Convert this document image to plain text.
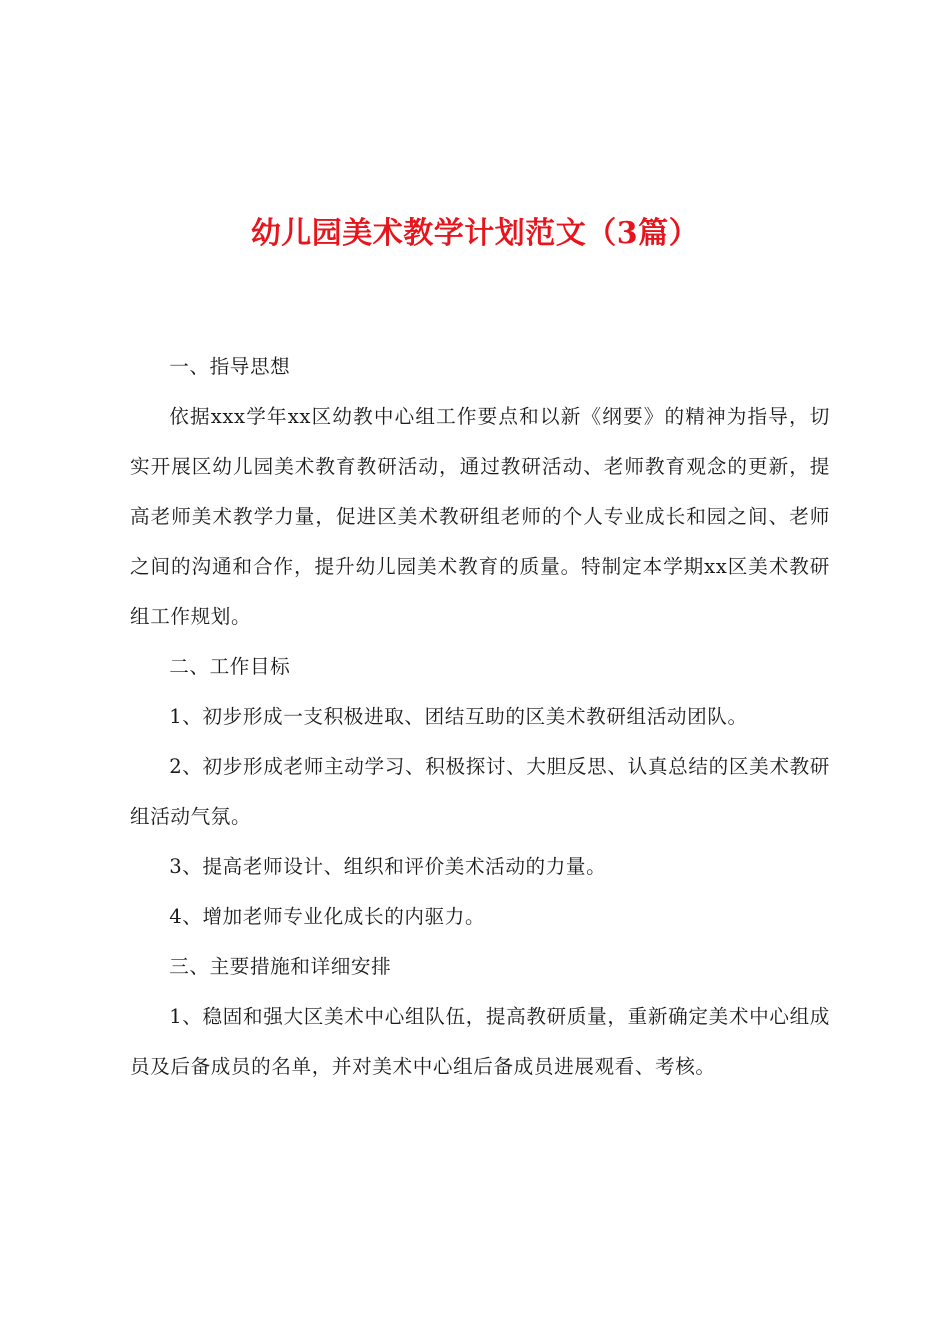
幼儿园美术教学计划范文（3篇）

一、指导思想

依据xxx学年xx区幼教中心组工作要点和以新《纲要》的精神为指导，切实开展区幼儿园美术教育教研活动，通过教研活动、老师教育观念的更新，提高老师美术教学力量，促进区美术教研组老师的个人专业成长和园之间、老师之间的沟通和合作，提升幼儿园美术教育的质量。特制定本学期xx区美术教研组工作规划。

二、工作目标

1、初步形成一支积极进取、团结互助的区美术教研组活动团队。

2、初步形成老师主动学习、积极探讨、大胆反思、认真总结的区美术教研组活动气氛。

3、提高老师设计、组织和评价美术活动的力量。

4、增加老师专业化成长的内驱力。

三、主要措施和详细安排

1、稳固和强大区美术中心组队伍，提高教研质量，重新确定美术中心组成员及后备成员的名单，并对美术中心组后备成员进展观看、考核。
